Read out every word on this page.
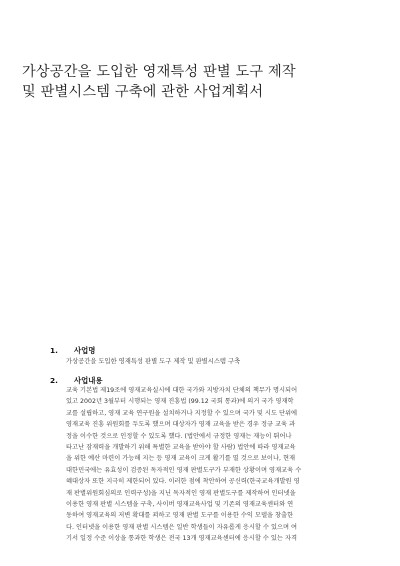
가상공간을 도입한 영재특성 판별 도구 제작
및 판별시스템 구축에 관한 사업계획서
1. 사업명
가상공간을 도입한 영재특성 판별 도구 제작 및 판별시스템 구축
2. 사업내용
교육 기본법 제19조에 영재교육실시에 대한 국가와 지방자치 단체의 책무가 명시되어
있고 2002년 3월부터 시행되는 영재 진흥법 (99.12 국회 통과)에 의거 국가 영재학
교를 설립하고, 영재 교육 연구원을 설치하거나 지정할 수 있으며 국가 및 시도 단위에
영재교육 진흥 위원회를 두도록 했으며 대상자가 영재 교육을 받은 경우 정규 교육 과
정을 이수한 것으로 인정할 수 있도록 했다. (법안에서 규정한 영재는 재능이 뛰어나
타고난 잠재력을 개발하기 위해 특별한 교육을 받아야 할 사람) 법안에 따라 영재교육
을 위한 예산 마련이 가능해 지는 등 영재 교육이 크게 활기를 띨 것으로 보이나, 현재
대한민국에는 유효성이 검증된 독자적인 영재 판별도구가 부재한 상황이며 영재교육 수
혜대상자 또한 지극히 제한되어 있다. 이러한 점에 착안하여 공신력(한국교육개발원 영
재 판별위원회심의로 인력구성)을 지닌 독자적인 영재 판별도구를 제작하여 인터넷을
이용한 영재 판별 시스템을 구축, 사이버 영재교육사업 및 기존의 영재교육센터와 연
동하여 영재교육의 저변 확대를 꾀하고 영재 판별 도구를 이용한 수익 모델을 창출한
다. 인터넷을 이용한 영재 판별 시스템은 일반 학생들이 자유롭게 응시할 수 있으며 여
기서 일정 수준 이상을 통과한 학생은 전국 13개 영재교육센터에 응시할 수 있는 자격
